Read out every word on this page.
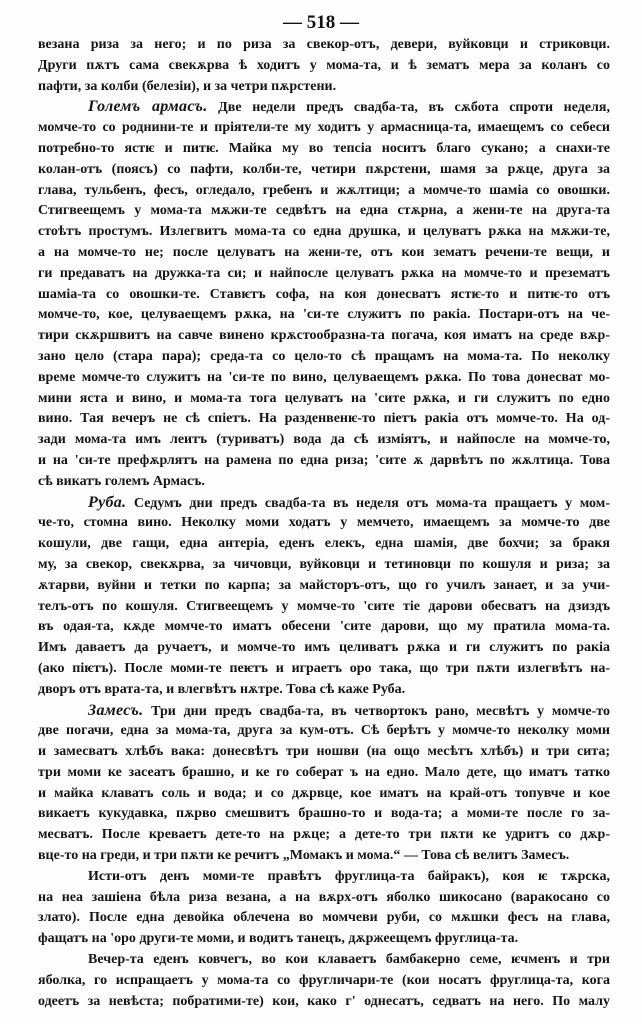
— 518 —
везана риза за него; и по риза за свекор-отъ, девери, вуйковци и стриковци.
Други пѫтъ сама свекѫрва ѣ ходитъ у мома-та, и ѣ зематъ мера за коланъ со
пафти, за колби (белезiи), и за четри пѫрстени.
Големъ армасъ. Две недели предъ свадба-та, въ сѫбота спроти неделя,
момче-то со роднини-те и прiятели-те му ходитъ у армасница-та, имаещемъ со себеси
потребно-то ястѥ и питѥ. Майка му во тепсiа носитъ благо сукано; а снахи-те
колан-отъ (поясъ) со пафти, колби-те, четири пѫрстени, шамя за рѫце, друга за
глава, тульбенъ, фесъ, огледало, гребенъ и жѫлтици; а момче-то шамiа со овошки.
Стигвеещемъ у мома-та мѫжи-те седвѣтъ на една стѫрна, а жени-те на друга-та
стоѣтъ простумъ. Излегвитъ мома-та со една друшка, и целуватъ рѫка на мѫжи-те,
а на момче-то не; после целуватъ на жени-те, отъ кои зематъ речени-те вещи, и
ги предаватъ на дружка-та си; и найпосле целуватъ рѫка на момче-то и презематъ
шамiа-та со овошки-те. Ставѥтъ софа, на коя донесватъ ястѥ-то и питѥ-то отъ
момче-то, кое, целуваещемъ рѫка, на 'си-те служитъ по ракiа. Постари-отъ на че-
тири скѫршвитъ на савче винено крѫстообразна-та погача, коя иматъ на среде вѫр-
зано цело (стара пара); среда-та со цело-то сѣ пращамъ на мома-та. По неколку
време момче-то служитъ на 'си-те по вино, целуваещемъ рѫка. По това донесват мо-
мини яста и вино, и мома-та тога целуватъ на 'сите рѫка, и ги служитъ по едно
вино. Тая вечеръ не сѣ спiетъ. На разденвенѥ-то пiетъ ракiа отъ момче-то. На од-
зади мома-та имъ леитъ (туриватъ) вода да сѣ измiятъ, и найпосле на момче-то,
и на 'си-те префѫрлятъ на рамена по една риза; 'сите ѫ дарвѣтъ по жѫлтица. Това
сѣ викатъ големъ Армасъ.
Руба. Седумъ дни предъ свадба-та въ неделя отъ мома-та пращаетъ у мом-
че-то, стомна вино. Неколку моми ходатъ у мемчето, имаещемъ за момче-то две
кошули, две гащи, една антерiа, еденъ елекъ, една шамiя, две бохчи; за бракя
му, за свекор, свекѫрва, за чичовци, вуйковци и тетиновци по кошуля и риза; за
ѫтарви, вуйни и тетки по карпа; за майсторъ-отъ, що го училъ занает, и за учи-
телъ-отъ по кошуля. Стигвеещемъ у момче-то 'сите тiе дарови обесватъ на дзиздъ
въ одая-та, кѫде момче-то иматъ обесени 'сите дарови, що му пратила мома-та.
Имъ даваетъ да ручаетъ, и момче-то имъ целиватъ рѫка и ги служитъ по ракiа
(ако пiѥтъ). После моми-те пеѥтъ и играетъ оро така, що три пѫти излегвѣтъ на-
дворъ отъ врата-та, и влегвѣтъ нѫтре. Това сѣ каже Руба.
Замесъ. Три дни предъ свадба-та, въ четвортокъ рано, месвѣтъ у момче-то
две погачи, една за мома-та, друга за кум-отъ. Сѣ берѣтъ у момче-то неколку моми
и замесватъ хлѣбъ вака: донесвѣтъ три ношви (на ощо месѣтъ хлѣбъ) и три сита;
три моми ке засеатъ брашно, и ке го соберат ъ на едно. Мало дете, що иматъ татко
и майка клаватъ соль и вода; и со дѫрвце, кое иматъ на край-отъ топувче и кое
викаетъ кукудавка, пѫрво смешвитъ брашно-то и вода-та; а моми-те после го за-
месватъ. После креваетъ дете-то на рѫце; а дете-то три пѫти ке удритъ со дѫр-
вце-то на греди, и три пѫти ке речитъ „Момакъ и мома.“ — Това сѣ велитъ Замесъ.
Исти-отъ денъ моми-те правѣтъ фруглица-та байракъ), коя ѥ тѫрска,
на неа зашiена бѣла риза везана, а на вѫрх-отъ яболко шикосано (варакосано со
злато). После една девойка облечена во момчеви руби, со мѫшки фесъ на глава,
фащатъ на 'оро други-те моми, и водитъ танецъ, дѫржеещемъ фруглица-та.
Вечер-та еденъ ковчегъ, во кои клаваетъ бамбакерно семе, ѥчменъ и три
яболка, го испращаетъ у мома-та со фругличари-те (кои носатъ фруглица-та, кога
одеетъ за невѣста; побратими-те) кои, како г' однесатъ, седватъ на него. По малу
